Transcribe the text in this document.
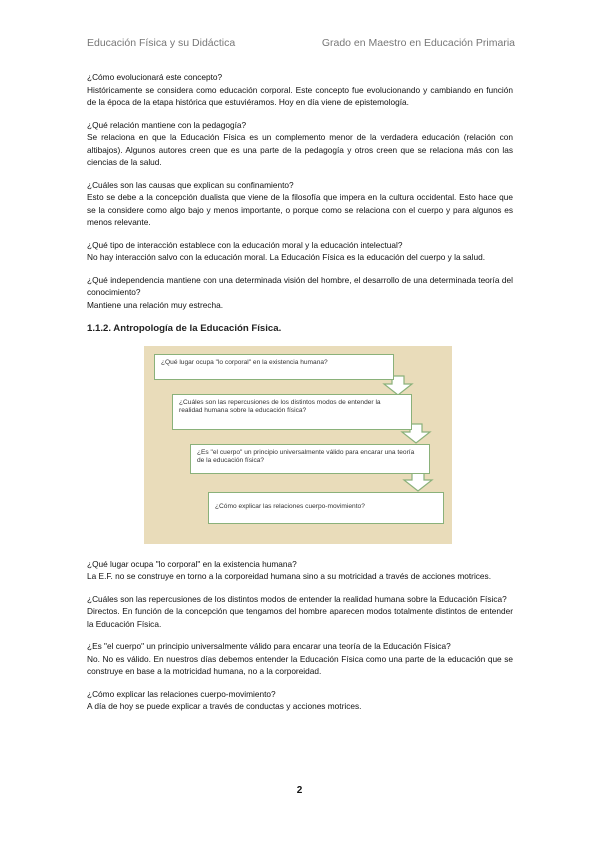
Educación Física y su Didáctica	Grado en Maestro en Educación Primaria
¿Cómo evolucionará este concepto?
Históricamente se considera como educación corporal. Este concepto fue evolucionando y cambiando en función de la época de la etapa histórica que estuviéramos. Hoy en día viene de epistemología.
¿Qué relación mantiene con la pedagogía?
Se relaciona en que la Educación Física es un complemento menor de la verdadera educación (relación con altibajos). Algunos autores creen que es una parte de la pedagogía y otros creen que se relaciona más con las ciencias de la salud.
¿Cuáles son las causas que explican su confinamiento?
Esto se debe a la concepción dualista que viene de la filosofía que impera en la cultura occidental. Esto hace que se la considere como algo bajo y menos importante, o porque como se relaciona con el cuerpo y para algunos es menos relevante.
¿Qué tipo de interacción establece con la educación moral y la educación intelectual?
No hay interacción salvo con la educación moral. La Educación Física es la educación del cuerpo y la salud.
¿Qué independencia mantiene con una determinada visión del hombre, el desarrollo de una determinada teoría del conocimiento?
Mantiene una relación muy estrecha.
1.1.2. Antropología de la Educación Física.
¿Qué lugar ocupa "lo corporal" en la existencia humana?
¿Cuáles son las repercusiones de los distintos modos de entender la realidad humana sobre la educación física?
¿Es "el cuerpo" un principio universalmente válido para encarar una teoría de la educación física?
¿Cómo explicar las relaciones cuerpo-movimiento?
¿Qué lugar ocupa "lo corporal" en la existencia humana?
La E.F. no se construye en torno a la corporeidad humana sino a su motricidad a través de acciones motrices.
¿Cuáles son las repercusiones de los distintos modos de entender la realidad humana sobre la Educación Física?
Directos. En función de la concepción que tengamos del hombre aparecen modos totalmente distintos de entender la Educación Física.
¿Es "el cuerpo" un principio universalmente válido para encarar una teoría de la Educación Física?
No. No es válido. En nuestros días debemos entender la Educación Física como una parte de la educación que se construye en base a la motricidad humana, no a la corporeidad.
¿Cómo explicar las relaciones cuerpo-movimiento?
A día de hoy se puede explicar a través de conductas y acciones motrices.
2
